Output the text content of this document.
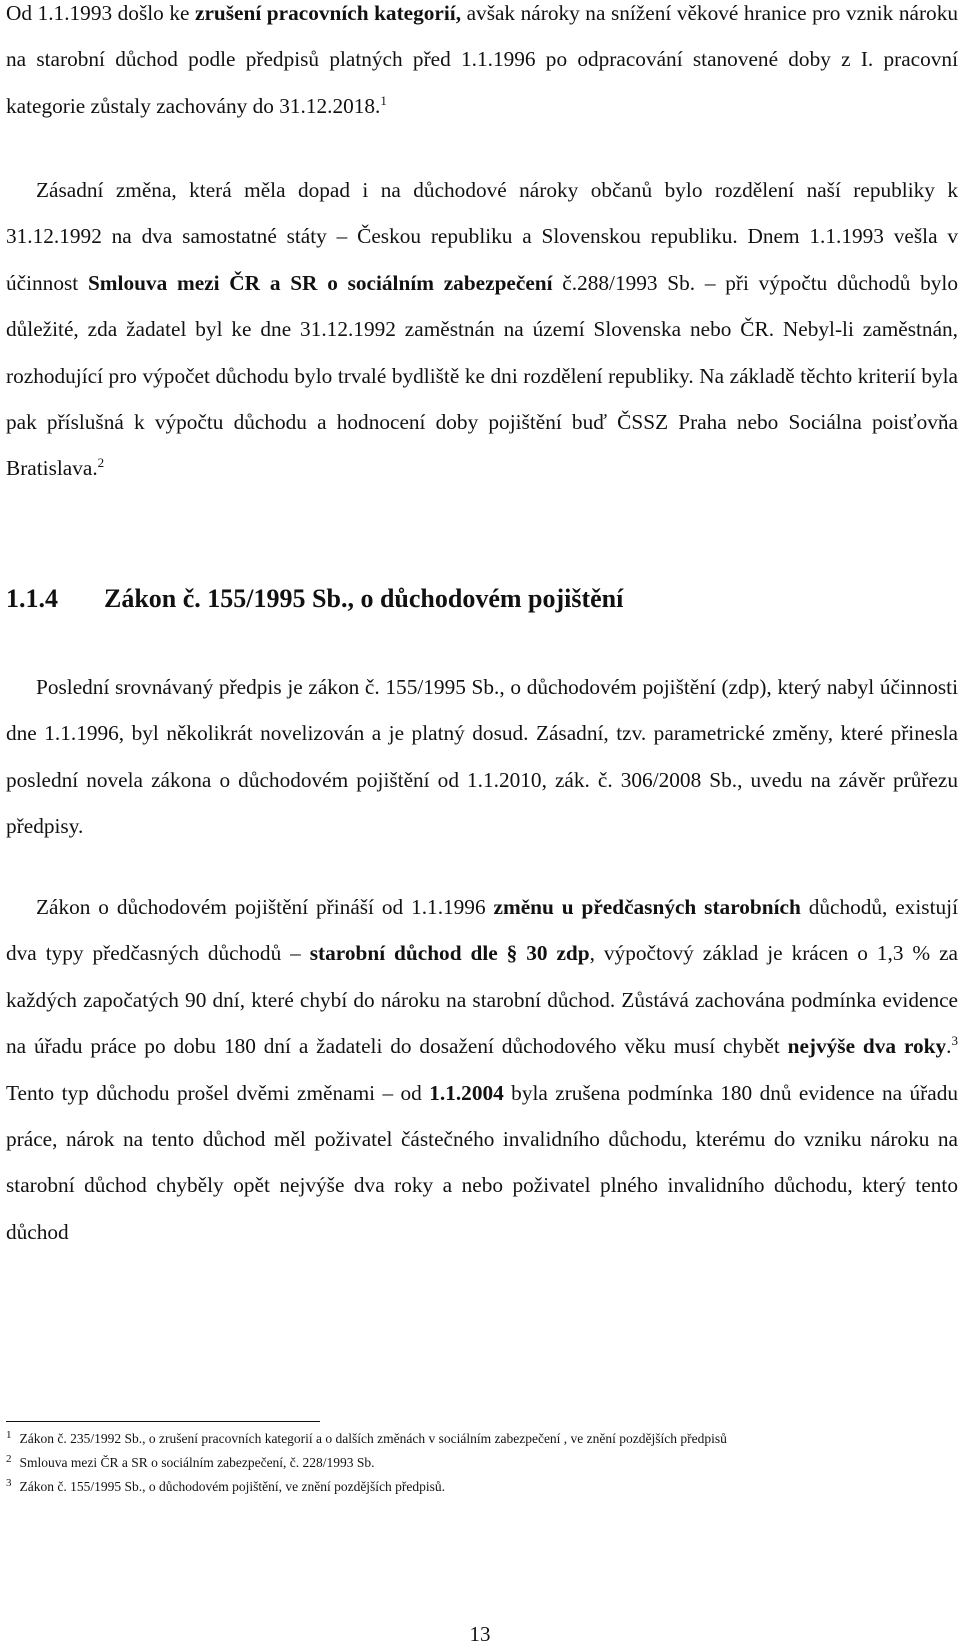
Od 1.1.1993 došlo ke zrušení pracovních kategorií, avšak nároky na snížení věkové hranice pro vznik nároku na starobní důchod podle předpisů platných před 1.1.1996 po odpracování stanovené doby z I. pracovní kategorie zůstaly zachovány do 31.12.2018.$^1$
Zásadní změna, která měla dopad i na důchodové nároky občanů bylo rozdělení naší republiky k 31.12.1992 na dva samostatné státy – Českou republiku a Slovenskou republiku. Dnem 1.1.1993 vešla v účinnost Smlouva mezi ČR a SR o sociálním zabezpečení č.288/1993 Sb. – při výpočtu důchodů bylo důležité, zda žadatel byl ke dne 31.12.1992 zaměstnán na území Slovenska nebo ČR. Nebyl-li zaměstnán, rozhodující pro výpočet důchodu bylo trvalé bydliště ke dni rozdělení republiky. Na základě těchto kriterií byla pak příslušná k výpočtu důchodu a hodnocení doby pojištění buď ČSSZ Praha nebo Sociálna poisťovňa Bratislava.$^2$
1.1.4 Zákon č. 155/1995 Sb., o důchodovém pojištění
Poslední srovnávaný předpis je zákon č. 155/1995 Sb., o důchodovém pojištění (zdp), který nabyl účinnosti dne 1.1.1996, byl několikrát novelizován a je platný dosud. Zásadní, tzv. parametrické změny, které přinesla poslední novela zákona o důchodovém pojištění od 1.1.2010, zák. č. 306/2008 Sb., uvedu na závěr průřezu předpisy.
Zákon o důchodovém pojištění přináší od 1.1.1996 změnu u předčasných starobních důchodů, existují dva typy předčasných důchodů – starobní důchod dle § 30 zdp, výpočtový základ je krácen o 1,3 % za každých započatých 90 dní, které chybí do nároku na starobní důchod. Zůstává zachována podmínka evidence na úřadu práce po dobu 180 dní a žadateli do dosažení důchodového věku musí chybět nejvýše dva roky.$^3$ Tento typ důchodu prošel dvěmi změnami – od 1.1.2004 byla zrušena podmínka 180 dnů evidence na úřadu práce, nárok na tento důchod měl poživatel částečného invalidního důchodu, kterému do vzniku nároku na starobní důchod chyběly opět nejvýše dva roky a nebo poživatel plného invalidního důchodu, který tento důchod
$^1$ Zákon č. 235/1992 Sb., o zrušení pracovních kategorií a o dalších změnách v sociálním zabezpečení , ve znění pozdějších předpisů
$^2$ Smlouva mezi ČR a SR o sociálním zabezpečení, č. 228/1993 Sb.
$^3$ Zákon č. 155/1995 Sb., o důchodovém pojištění, ve znění pozdějších předpisů.
13
